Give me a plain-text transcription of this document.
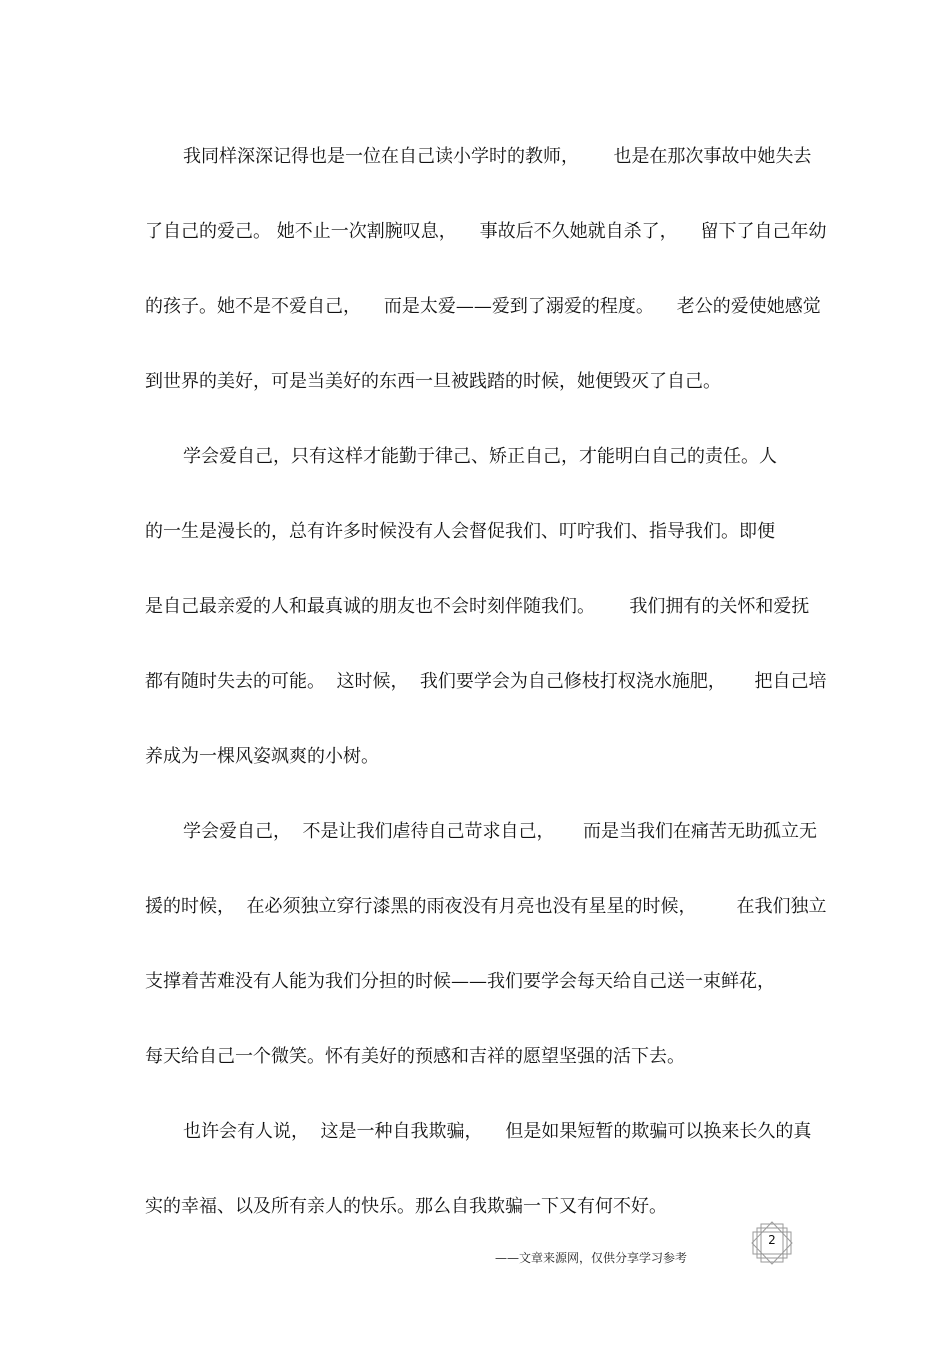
我同样深深记得也是一位在自己读小学时的教师，      也是在那次事故中她失去
了自己的爱己。 她不止一次割腕叹息，    事故后不久她就自杀了，    留下了自己年幼
的孩子。她不是不爱自己，    而是太爱——爱到了溺爱的程度。    老公的爱使她感觉
到世界的美好，可是当美好的东西一旦被践踏的时候，她便毁灭了自己。
学会爱自己，只有这样才能勤于律己、矫正自己，才能明白自己的责任。人
的一生是漫长的，总有许多时候没有人会督促我们、叮咛我们、指导我们。即便
是自己最亲爱的人和最真诚的朋友也不会时刻伴随我们。      我们拥有的关怀和爱抚
都有随时失去的可能。  这时候，  我们要学会为自己修枝打杈浇水施肥，     把自己培
养成为一棵风姿飒爽的小树。
学会爱自己，  不是让我们虐待自己苛求自己，     而是当我们在痛苦无助孤立无
援的时候，  在必须独立穿行漆黑的雨夜没有月亮也没有星星的时候，       在我们独立
支撑着苦难没有人能为我们分担的时候——我们要学会每天给自己送一束鲜花，
每天给自己一个微笑。怀有美好的预感和吉祥的愿望坚强的活下去。
也许会有人说，  这是一种自我欺骗，    但是如果短暂的欺骗可以换来长久的真
实的幸福、以及所有亲人的快乐。那么自我欺骗一下又有何不好。
2
——文章来源网，仅供分享学习参考
